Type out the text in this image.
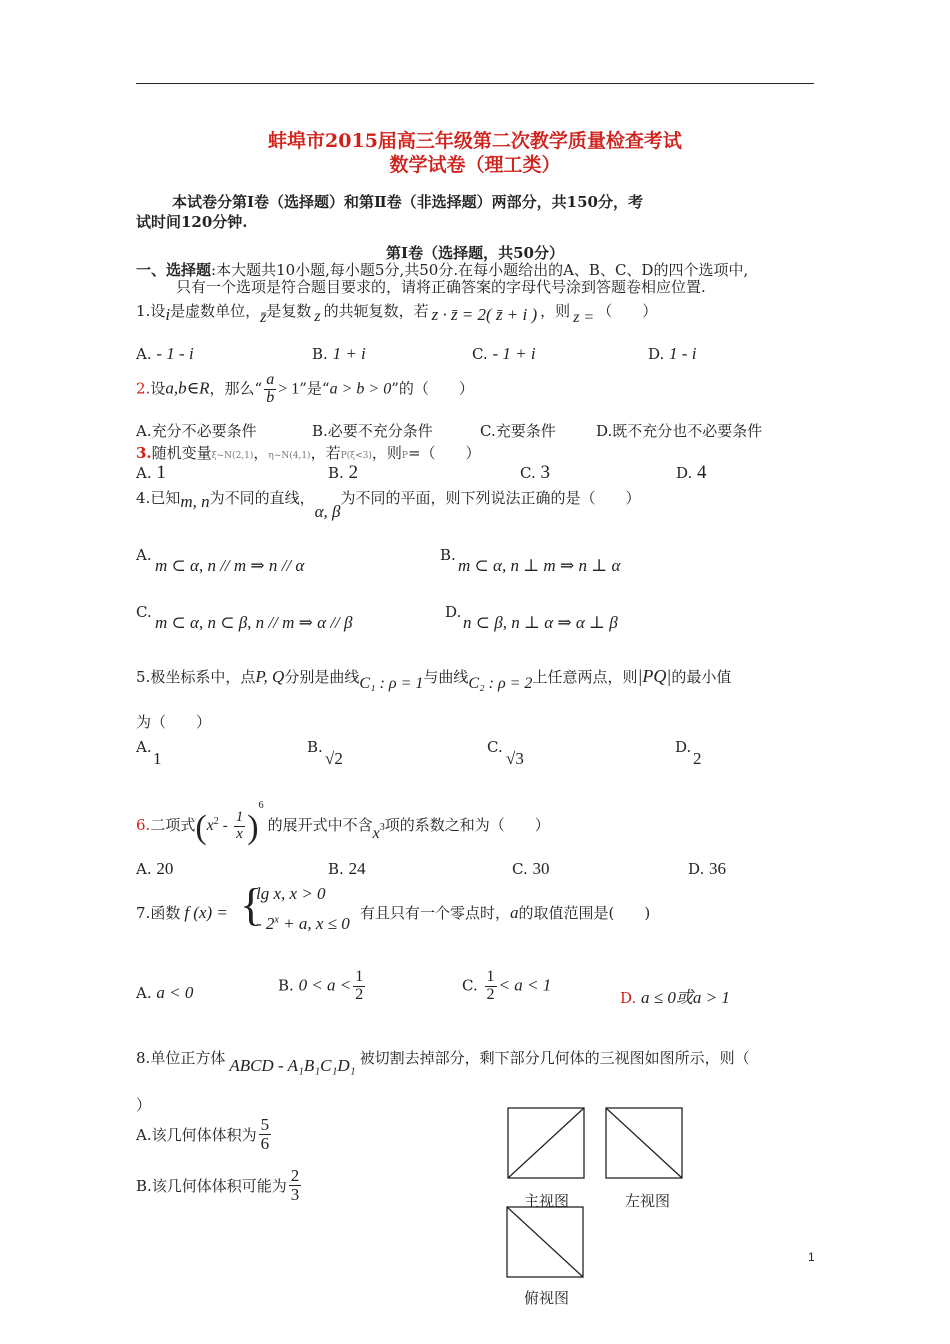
蚌埠市2015届高三年级第二次教学质量检查考试
数学试卷（理工类）
本试卷分第Ⅰ卷（选择题）和第Ⅱ卷（非选择题）两部分，共150分，考
试时间120分钟.
第Ⅰ卷（选择题，共50分）
一、选择题:本大题共10小题,每小题5分,共50分.在每小题给出的A、B、C、D的四个选项中,
只有一个选项是符合题目要求的，请将正确答案的字母代号涂到答题卷相应位置.
1.设i是虚数单位，z̄是复数 z 的共轭复数，若 z · z̄ = 2( z̄ + i ) ，则 z = （　　）
A. - 1 - i	B. 1 + i	C. - 1 + i	D. 1 - i
2.设a,b∈R，那么“ $\frac{a}{b} > 1$”是“a > b > 0”的（　　）
A.充分不必要条件	B.必要不充分条件	C.充要条件	D.既不充分也不必要条件
3.随机变量ξ~N(2,1)，η~N(4,1)，若P(ξ<3)，则P=（　　）
A. 1	B. 2	C. 3	D. 4
4.已知m, n为不同的直线，α, β为不同的平面，则下列说法正确的是（　　）
A.
m ⊂ α, n // m ⇒ n // α
B.
m ⊂ α, n ⊥ m ⇒ n ⊥ α
C.
m ⊂ α, n ⊂ β, n // m ⇒ α // β
D.
n ⊂ β, n ⊥ α ⇒ α ⊥ β
5.极坐标系中，点P, Q分别是曲线C₁ : ρ = 1与曲线C₂ : ρ = 2上任意两点，则|PQ|的最小值
为（　　）
A.
1
B.
√2
C.
√3
D.
2
6.二项式$(x^2 - \frac{1}{x} )^6$的展开式中不含x3项的系数之和为（　　）
A. 20	B. 24	C. 30	D. 36
7.函数 f (x) = {
lg x, x > 0
- $2^x + a$, x ≤ 0
有且只有一个零点时，a的取值范围是(　　)
A. a < 0	B. $0 < a < \frac{1}{2}$	C. $\frac{1}{2} < a < 1$
D. a ≤ 0或a > 1
8.单位正方体 ABCD - A₁B₁C₁D₁ 被切割去掉部分，剩下部分几何体的三视图如图所示，则（
）
A.该几何体体积为 $\frac{5}{6}$
B.该几何体体积可能为 $\frac{2}{3}$	主视图	左视图
俯视图
1
